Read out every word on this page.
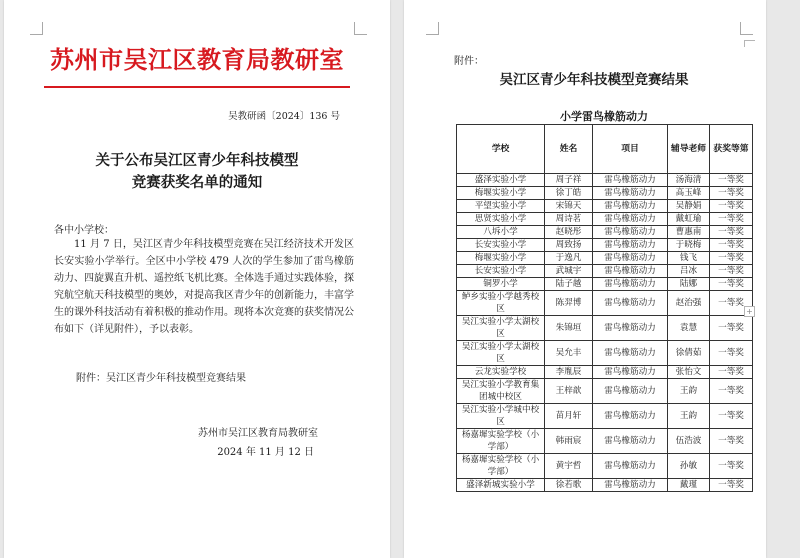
苏州市吴江区教育局教研室
吴教研函〔2024〕136 号
关于公布吴江区青少年科技模型
竞赛获奖名单的通知
各中小学校：
11 月 7 日，吴江区青少年科技模型竞赛在吴江经济技术开发区长安实验小学举行。全区中小学校 479 人次的学生参加了雷鸟橡筋动力、四旋翼直升机、遥控纸飞机比赛。全体选手通过实践体验，探究航空航天科技模型的奥妙，对提高我区青少年的创新能力，丰富学生的课外科技活动有着积极的推动作用。现将本次竞赛的获奖情况公布如下（详见附件），予以表彰。
附件：吴江区青少年科技模型竞赛结果
苏州市吴江区教育局教研室
2024 年 11 月 12 日
附件：
吴江区青少年科技模型竞赛结果
小学雷鸟橡筋动力
学校	姓名	项目	辅导老师	获奖等第
盛泽实验小学	周子祥	雷鸟橡筋动力	汤海清	一等奖
梅堰实验小学	徐丁皓	雷鸟橡筋动力	高玉峰	一等奖
平望实验小学	宋锦天	雷鸟橡筋动力	吴静娟	一等奖
思贤实验小学	周诗茗	雷鸟橡筋动力	戴虹瑜	一等奖
八坼小学	赵晓彤	雷鸟橡筋动力	曹惠南	一等奖
长安实验小学	周致扬	雷鸟橡筋动力	于晓梅	一等奖
梅堰实验小学	于逸凡	雷鸟橡筋动力	钱飞	一等奖
长安实验小学	武城宇	雷鸟橡筋动力	吕冰	一等奖
铜罗小学	陆子越	雷鸟橡筋动力	陆娜	一等奖
鲈乡实验小学越秀校区	陈羿博	雷鸟橡筋动力	赵治强	一等奖
吴江实验小学太湖校区	朱锦垣	雷鸟橡筋动力	袁慧	一等奖
吴江实验小学太湖校区	吴允丰	雷鸟橡筋动力	徐倩茹	一等奖
云龙实验学校	李胤辰	雷鸟橡筋动力	张怡文	一等奖
吴江实验小学教育集团城中校区	王梓歆	雷鸟橡筋动力	王韵	一等奖
吴江实验小学城中校区	苗月轩	雷鸟橡筋动力	王韵	一等奖
杨嘉墀实验学校（小学部）	韩雨宸	雷鸟橡筋动力	伍浩波	一等奖
杨嘉墀实验学校（小学部）	黄宇哲	雷鸟橡筋动力	孙敏	一等奖
盛泽新城实验小学	徐若歌	雷鸟橡筋动力	戴瑾	一等奖
+
